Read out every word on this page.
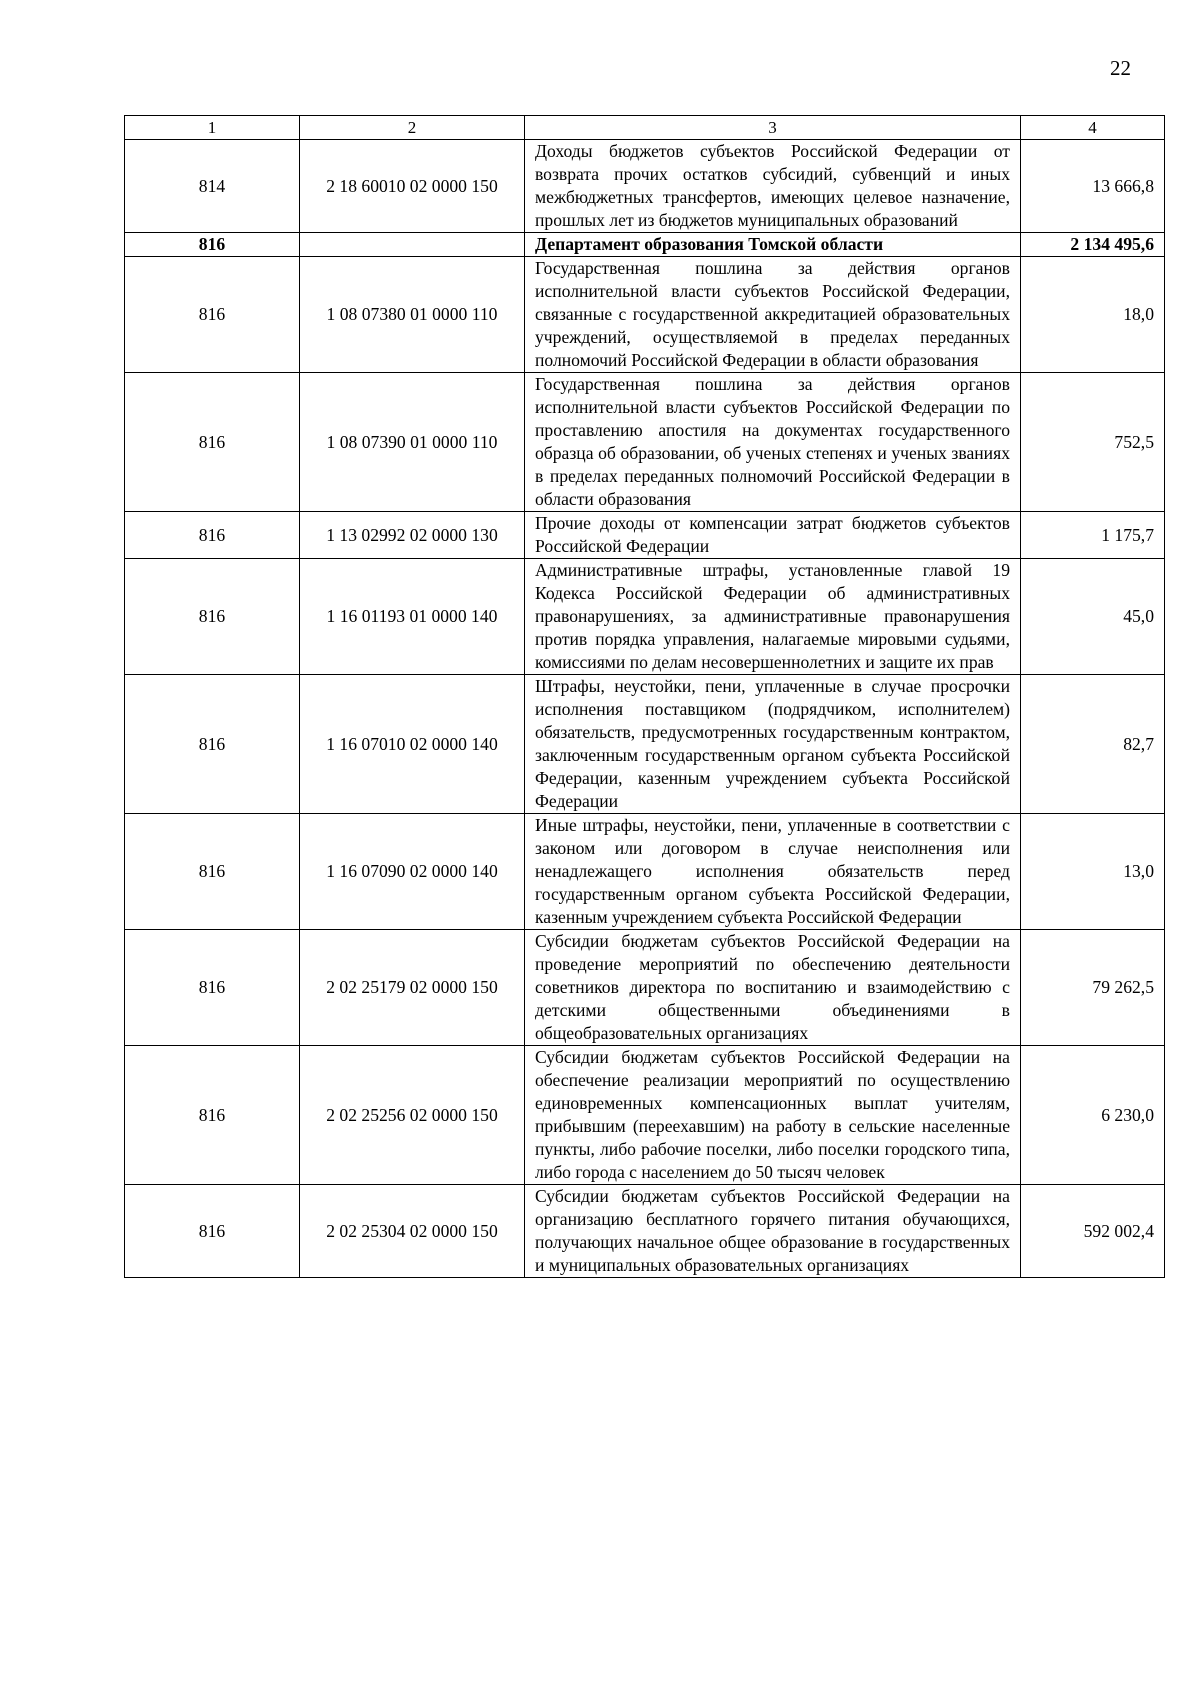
22
1	2	3	4
814	2 18 60010 02 0000 150	Доходы бюджетов субъектов Российской Федерации от возврата прочих остатков субсидий, субвенций и иных межбюджетных трансфертов, имеющих целевое назначение, прошлых лет из бюджетов муниципальных образований	13 666,8
816		Департамент образования Томской области	2 134 495,6
816	1 08 07380 01 0000 110	Государственная пошлина за действия органов исполнительной власти субъектов Российской Федерации, связанные с государственной аккредитацией образовательных учреждений, осуществляемой в пределах переданных полномочий Российской Федерации в области образования	18,0
816	1 08 07390 01 0000 110	Государственная пошлина за действия органов исполнительной власти субъектов Российской Федерации по проставлению апостиля на документах государственного образца об образовании, об ученых степенях и ученых званиях в пределах переданных полномочий Российской Федерации в области образования	752,5
816	1 13 02992 02 0000 130	Прочие доходы от компенсации затрат бюджетов субъектов Российской Федерации	1 175,7
816	1 16 01193 01 0000 140	Административные штрафы, установленные главой 19 Кодекса Российской Федерации об административных правонарушениях, за административные правонарушения против порядка управления, налагаемые мировыми судьями, комиссиями по делам несовершеннолетних и защите их прав	45,0
816	1 16 07010 02 0000 140	Штрафы, неустойки, пени, уплаченные в случае просрочки исполнения поставщиком (подрядчиком, исполнителем) обязательств, предусмотренных государственным контрактом, заключенным государственным органом субъекта Российской Федерации, казенным учреждением субъекта Российской Федерации	82,7
816	1 16 07090 02 0000 140	Иные штрафы, неустойки, пени, уплаченные в соответствии с законом или договором в случае неисполнения или ненадлежащего исполнения обязательств перед государственным органом субъекта Российской Федерации, казенным учреждением субъекта Российской Федерации	13,0
816	2 02 25179 02 0000 150	Субсидии бюджетам субъектов Российской Федерации на проведение мероприятий по обеспечению деятельности советников директора по воспитанию и взаимодействию с детскими общественными объединениями в общеобразовательных организациях	79 262,5
816	2 02 25256 02 0000 150	Субсидии бюджетам субъектов Российской Федерации на обеспечение реализации мероприятий по осуществлению единовременных компенсационных выплат учителям, прибывшим (переехавшим) на работу в сельские населенные пункты, либо рабочие поселки, либо поселки городского типа, либо города с населением до 50 тысяч человек	6 230,0
816	2 02 25304 02 0000 150	Субсидии бюджетам субъектов Российской Федерации на организацию бесплатного горячего питания обучающихся, получающих начальное общее образование в государственных и муниципальных образовательных организациях	592 002,4
